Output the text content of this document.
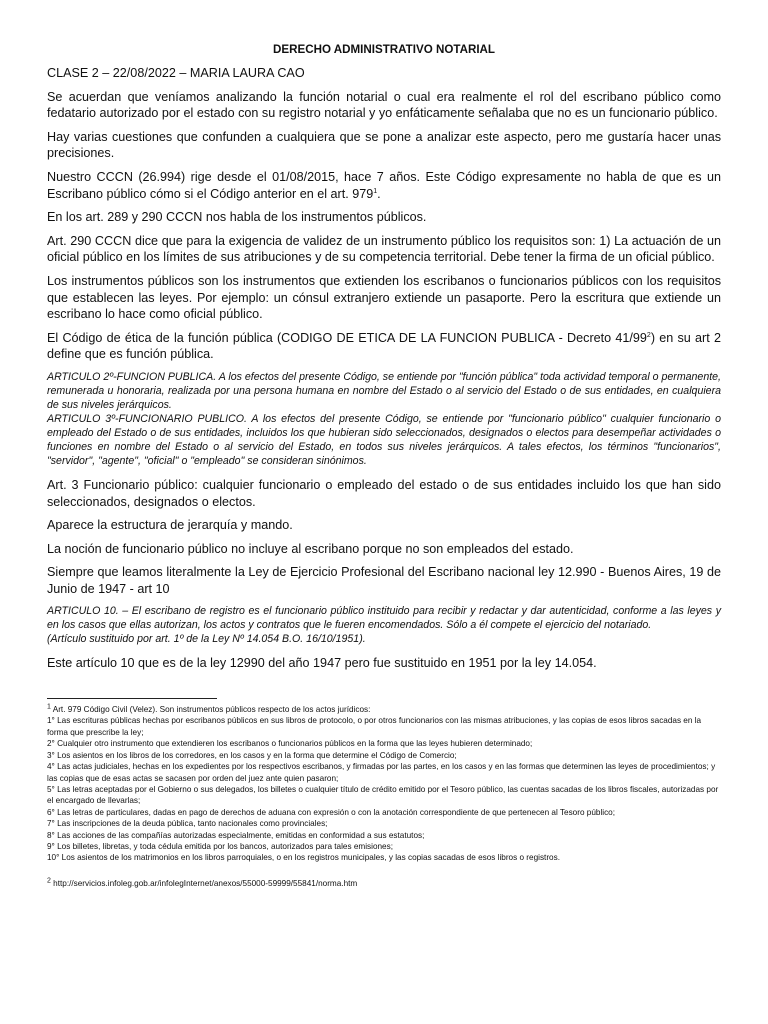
DERECHO ADMINISTRATIVO NOTARIAL

CLASE 2 – 22/08/2022 – MARIA LAURA CAO

Se acuerdan que veníamos analizando la función notarial o cual era realmente el rol del escribano público como fedatario autorizado por el estado con su registro notarial y yo enfáticamente señalaba que no es un funcionario público.

Hay varias cuestiones que confunden a cualquiera que se pone a analizar este aspecto, pero me gustaría hacer unas precisiones.

Nuestro CCCN (26.994) rige desde el 01/08/2015, hace 7 años. Este Código expresamente no habla de que es un Escribano público cómo si el Código anterior en el art. $979^1$.

En los art. 289 y 290 CCCN nos habla de los instrumentos públicos.

Art. 290 CCCN dice que para la exigencia de validez de un instrumento público los requisitos son: 1) La actuación de un oficial público en los límites de sus atribuciones y de su competencia territorial. Debe tener la firma de un oficial público.

Los instrumentos públicos son los instrumentos que extienden los escribanos o funcionarios públicos con los requisitos que establecen las leyes. Por ejemplo: un cónsul extranjero extiende un pasaporte. Pero la escritura que extiende un escribano lo hace como oficial público.

El Código de ética de la función pública (CODIGO DE ETICA DE LA FUNCION PUBLICA - Decreto $41/99^2$) en su art 2 define que es función pública.

ARTICULO 2º-FUNCION PUBLICA. A los efectos del presente Código, se entiende por "función pública" toda actividad temporal o permanente, remunerada u honoraria, realizada por una persona humana en nombre del Estado o al servicio del Estado o de sus entidades, en cualquiera de sus niveles jerárquicos.

ARTICULO 3º-FUNCIONARIO PUBLICO. A los efectos del presente Código, se entiende por "funcionario público" cualquier funcionario o empleado del Estado o de sus entidades, incluidos los que hubieran sido seleccionados, designados o electos para desempeñar actividades o funciones en nombre del Estado o al servicio del Estado, en todos sus niveles jerárquicos. A tales efectos, los términos "funcionarios", "servidor", "agente", "oficial" o "empleado" se consideran sinónimos.

Art. 3 Funcionario público: cualquier funcionario o empleado del estado o de sus entidades incluido los que han sido seleccionados, designados o electos.

Aparece la estructura de jerarquía y mando.

La noción de funcionario público no incluye al escribano porque no son empleados del estado.

Siempre que leamos literalmente la Ley de Ejercicio Profesional del Escribano nacional ley 12.990 - Buenos Aires, 19 de Junio de 1947 - art 10

ARTICULO 10. – El escribano de registro es el funcionario público instituido para recibir y redactar y dar autenticidad, conforme a las leyes y en los casos que ellas autorizan, los actos y contratos que le fueren encomendados. Sólo a él compete el ejercicio del notariado.

(Artículo sustituido por art. 1º de la Ley Nº 14.054 B.O. 16/10/1951).

Este artículo 10 que es de la ley 12990 del año 1947 pero fue sustituido en 1951 por la ley 14.054.

$^1$ Art. 979 Código Civil (Velez). Son instrumentos públicos respecto de los actos jurídicos:

1° Las escrituras públicas hechas por escribanos públicos en sus libros de protocolo, o por otros funcionarios con las mismas atribuciones, y las copias de esos libros sacadas en la forma que prescribe la ley;
2° Cualquier otro instrumento que extendieren los escribanos o funcionarios públicos en la forma que las leyes hubieren determinado;
3° Los asientos en los libros de los corredores, en los casos y en la forma que determine el Código de Comercio;
4° Las actas judiciales, hechas en los expedientes por los respectivos escribanos, y firmadas por las partes, en los casos y en las formas que determinen las leyes de procedimientos; y las copias que de esas actas se sacasen por orden del juez ante quien pasaron;
5° Las letras aceptadas por el Gobierno o sus delegados, los billetes o cualquier título de crédito emitido por el Tesoro público, las cuentas sacadas de los libros fiscales, autorizadas por el encargado de llevarlas;
6° Las letras de particulares, dadas en pago de derechos de aduana con expresión o con la anotación correspondiente de que pertenecen al Tesoro público;
7° Las inscripciones de la deuda pública, tanto nacionales como provinciales;
8° Las acciones de las compañías autorizadas especialmente, emitidas en conformidad a sus estatutos;
9° Los billetes, libretas, y toda cédula emitida por los bancos, autorizados para tales emisiones;
10° Los asientos de los matrimonios en los libros parroquiales, o en los registros municipales, y las copias sacadas de esos libros o registros.

$^2$ http://servicios.infoleg.gob.ar/infolegInternet/anexos/55000-59999/55841/norma.htm
